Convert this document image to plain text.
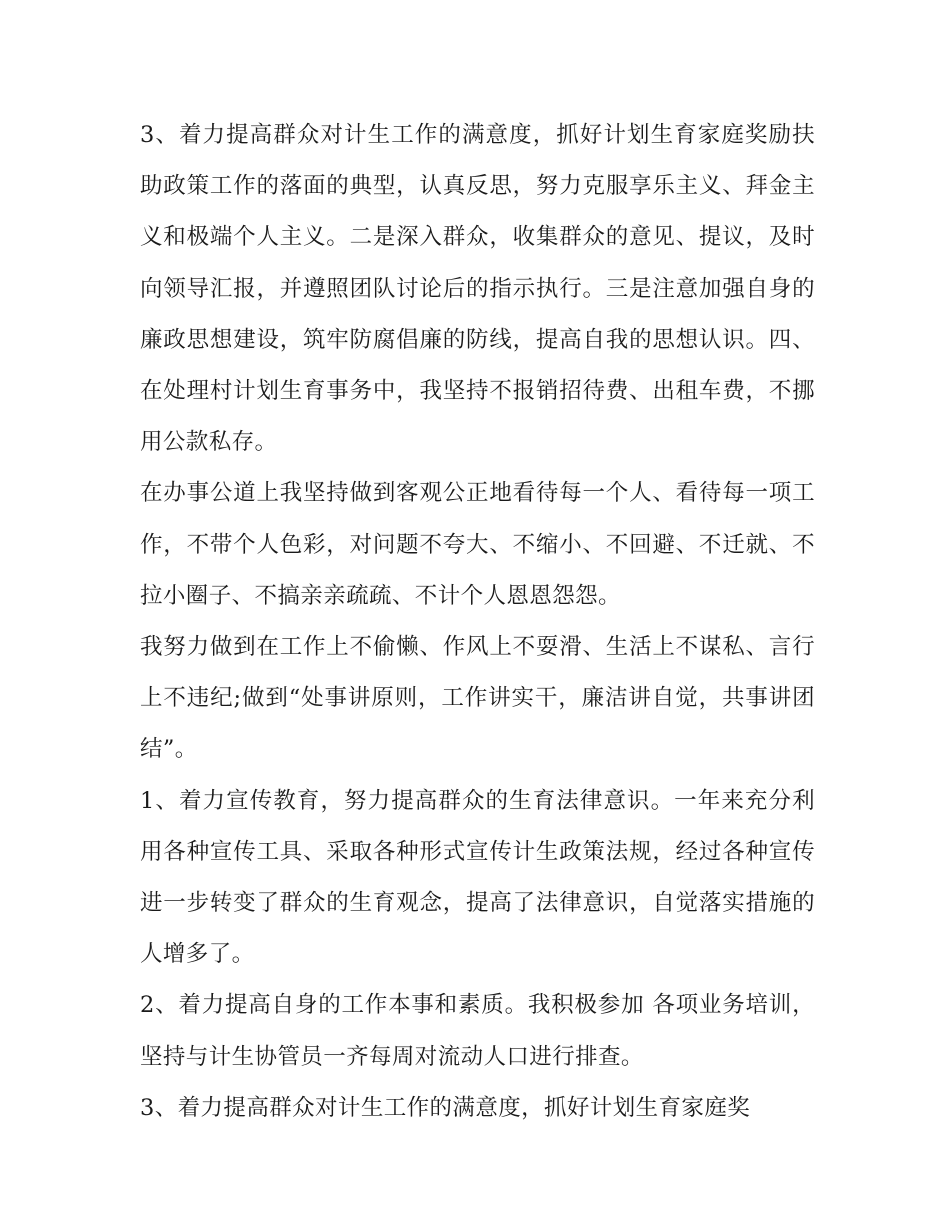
3、着力提高群众对计生工作的满意度，抓好计划生育家庭奖励扶助政策工作的落面的典型，认真反思，努力克服享乐主义、拜金主义和极端个人主义。二是深入群众，收集群众的意见、提议，及时向领导汇报，并遵照团队讨论后的指示执行。三是注意加强自身的廉政思想建设，筑牢防腐倡廉的防线，提高自我的思想认识。四、在处理村计划生育事务中，我坚持不报销招待费、出租车费，不挪用公款私存。

在办事公道上我坚持做到客观公正地看待每一个人、看待每一项工作，不带个人色彩，对问题不夸大、不缩小、不回避、不迁就、不拉小圈子、不搞亲亲疏疏、不计个人恩恩怨怨。

我努力做到在工作上不偷懒、作风上不耍滑、生活上不谋私、言行上不违纪;做到“处事讲原则，工作讲实干，廉洁讲自觉，共事讲团结”。

1、着力宣传教育，努力提高群众的生育法律意识。一年来充分利用各种宣传工具、采取各种形式宣传计生政策法规，经过各种宣传进一步转变了群众的生育观念，提高了法律意识，自觉落实措施的人增多了。

2、着力提高自身的工作本事和素质。我积极参加 各项业务培训，坚持与计生协管员一齐每周对流动人口进行排查。

3、着力提高群众对计生工作的满意度，抓好计划生育家庭奖
